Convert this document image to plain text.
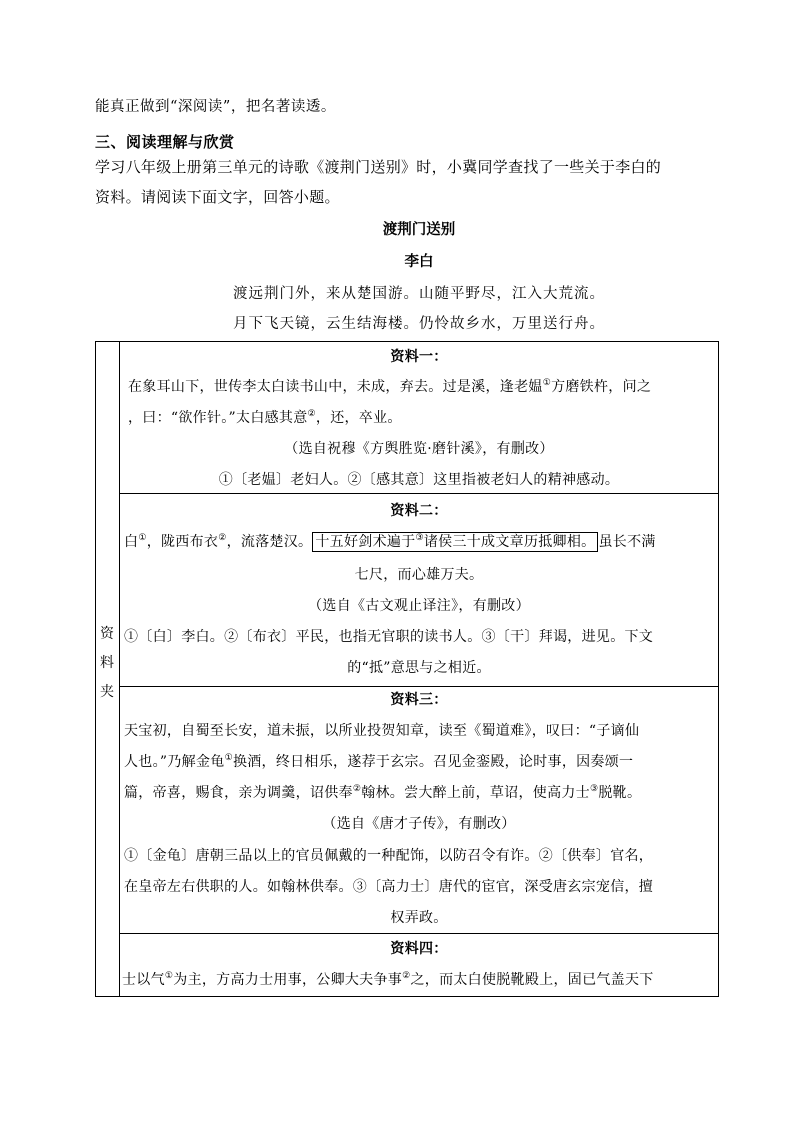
能真正做到“深阅读”，把名著读透。
三、阅读理解与欣赏
学习八年级上册第三单元的诗歌《渡荆门送别》时，小冀同学查找了一些关于李白的
资料。请阅读下面文字，回答小题。
渡荆门送别
李白
渡远荆门外，来从楚国游。山随平野尽，江入大荒流。
月下飞天镜，云生结海楼。仍怜故乡水，万里送行舟。

资
料
夹
资料一：
在象耳山下，世传李太白读书山中，未成，弃去。过是溪，逢老媪①方磨铁杵，问之
，曰：“欲作针。”太白感其意②，还，卒业。
（选自祝穆《方舆胜览·磨针溪》，有删改）
①〔老媪〕老妇人。②〔感其意〕这里指被老妇人的精神感动。
资料二：
白①，陇西布衣②，流落楚汉。 十五好剑术遍于③诸侯三十成文章历抵卿相。 虽长不满
七尺，而心雄万夫。
（选自《古文观止译注》，有删改）
①〔白〕李白。②〔布衣〕平民，也指无官职的读书人。③〔干〕拜谒，进见。下文
的“抵”意思与之相近。
资料三：
天宝初，自蜀至长安，道未振，以所业投贺知章，读至《蜀道难》，叹曰：“子谪仙
人也。”乃解金龟①换酒，终日相乐，遂荐于玄宗。召见金銮殿，论时事，因奏颂一
篇，帝喜，赐食，亲为调羹，诏供奉②翰林。尝大醉上前，草诏，使高力士③脱靴。
（选自《唐才子传》，有删改）
①〔金龟〕唐朝三品以上的官员佩戴的一种配饰，以防召令有诈。②〔供奉〕官名，
在皇帝左右供职的人。如翰林供奉。③〔高力士〕唐代的宦官，深受唐玄宗宠信，擅
权弄政。
资料四：
士以气①为主，方高力士用事，公卿大夫争事②之，而太白使脱靴殿上，固已气盖天下
